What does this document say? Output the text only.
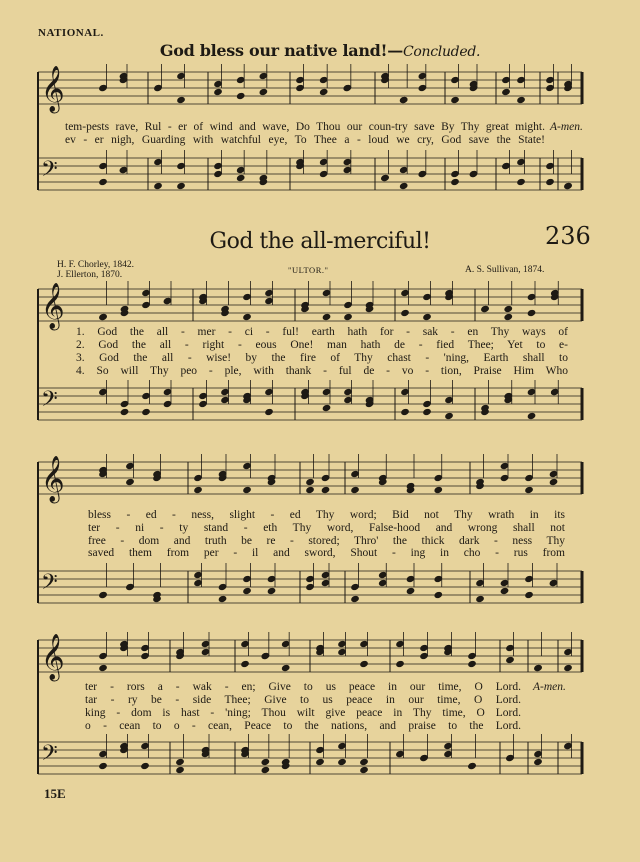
𝄞
𝄢
𝄞
𝄢
𝄞
𝄢
𝄞
𝄢
NATIONAL.
God bless our native land!—Concluded.
tem-pests rave, Rul - er of wind and wave, Do Thou our coun-try save By Thy great might. A-men.
ev - er nigh, Guarding with watchful eye, To Thee a - loud we cry, God save the State!
God the all-merciful!	236
H. F. Chorley, 1842.
J. Ellerton, 1870.	"ULTOR."	A. S. Sullivan, 1874.
1. God the all - mer - ci - ful! earth hath for - sak - en Thy ways of
2. God the all - right - eous One! man hath de - fied Thee; Yet to e-
3. God the all - wise! by the fire of Thy chast - 'ning, Earth shall to
4. So will Thy peo - ple, with thank - ful de - vo - tion, Praise Him Who
bless - ed - ness, slight - ed Thy word; Bid not Thy wrath in its
ter - ni - ty stand - eth Thy word, False-hood and wrong shall not
free - dom and truth be re - stored; Thro' the thick dark - ness Thy
saved them from per - il and sword, Shout - ing in cho - rus from
ter - rors a - wak - en; Give to us peace in our time, O Lord. A-men.
tar - ry be - side Thee; Give to us peace in our time, O Lord.
king - dom is hast - 'ning; Thou wilt give peace in Thy time, O Lord.
o - cean to o - cean, Peace to the nations, and praise to the Lord.
15E
